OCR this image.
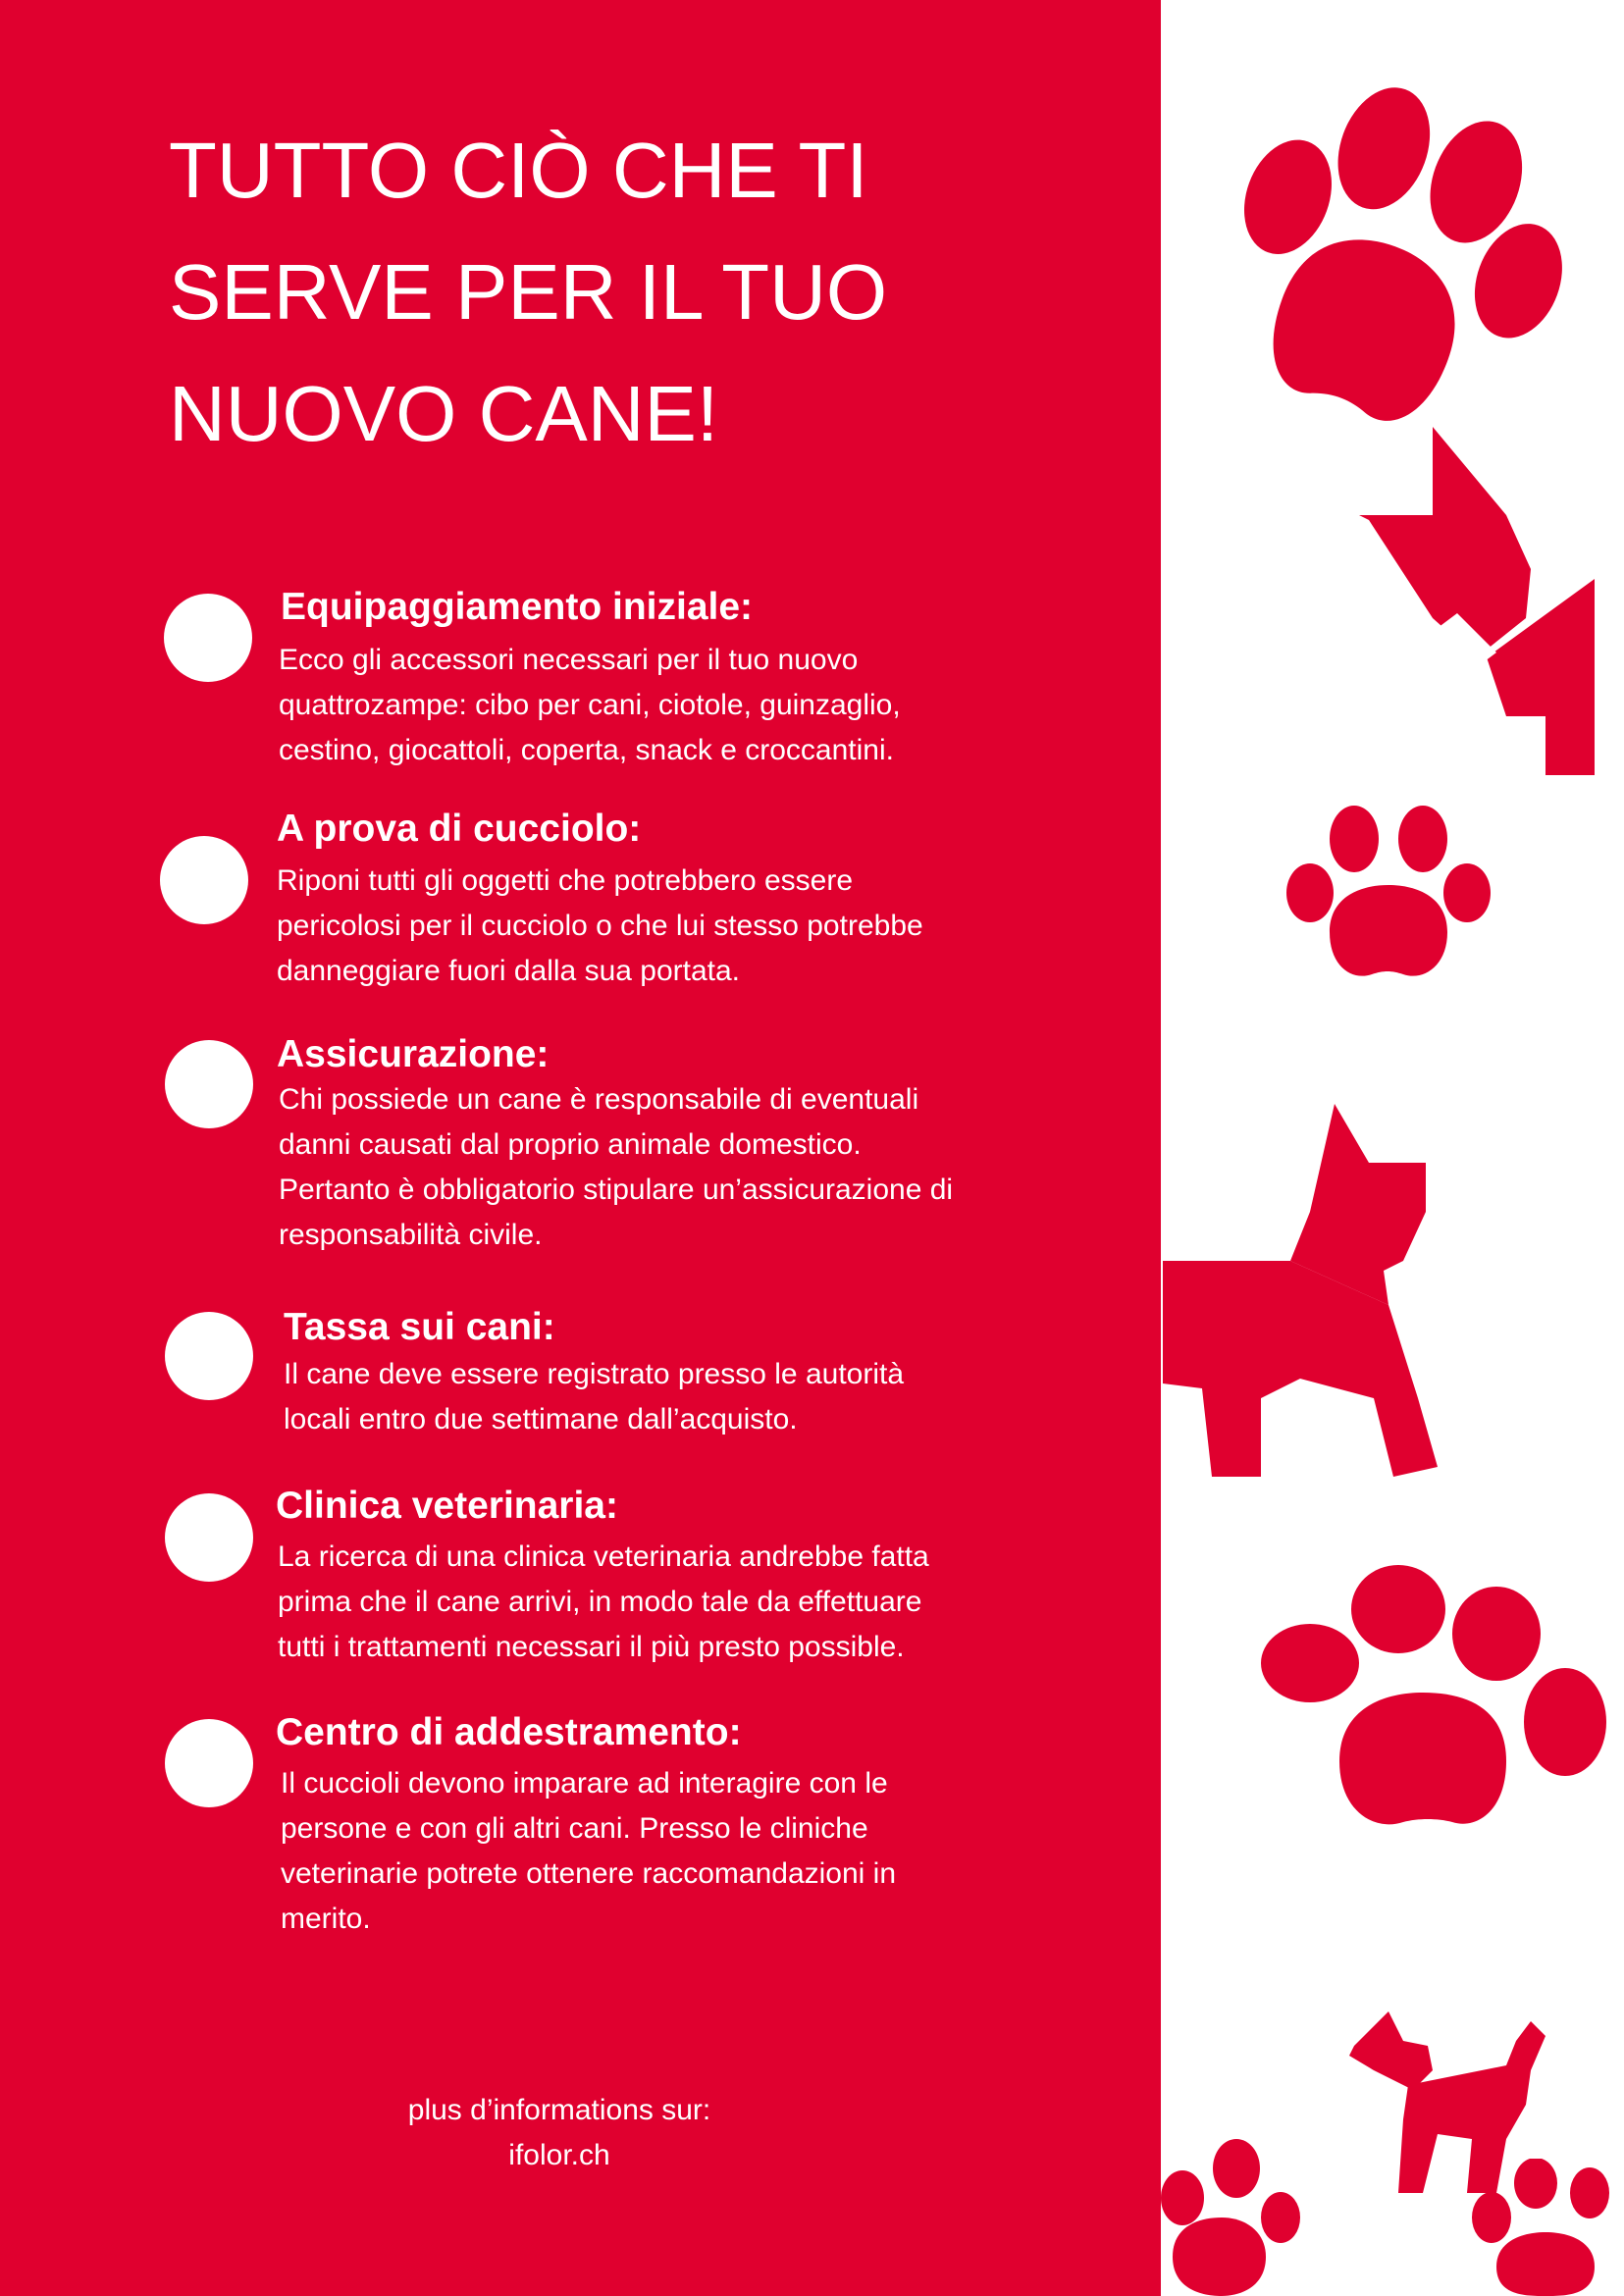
TUTTO CIÒ CHE TI
SERVE PER IL TUO
NUOVO CANE!
Equipaggiamento iniziale:

Ecco gli accessori necessari per il tuo nuovo
quattrozampe: cibo per cani, ciotole, guinzaglio,
cestino, giocattoli, coperta, snack e croccantini.

A prova di cucciolo:

Riponi tutti gli oggetti che potrebbero essere
pericolosi per il cucciolo o che lui stesso potrebbe
danneggiare fuori dalla sua portata.

Assicurazione:

Chi possiede un cane è responsabile di eventuali
danni causati dal proprio animale domestico.
Pertanto è obbligatorio stipulare un’assicurazione di
responsabilità civile.

Tassa sui cani:

Il cane deve essere registrato presso le autorità
locali entro due settimane dall’acquisto.

Clinica veterinaria:

La ricerca di una clinica veterinaria andrebbe fatta
prima che il cane arrivi, in modo tale da effettuare
tutti i trattamenti necessari il più presto possible.

Centro di addestramento:

Il cuccioli devono imparare ad interagire con le
persone e con gli altri cani. Presso le cliniche
veterinarie potrete ottenere raccomandazioni in
merito.

plus d’informations sur:
ifolor.ch
